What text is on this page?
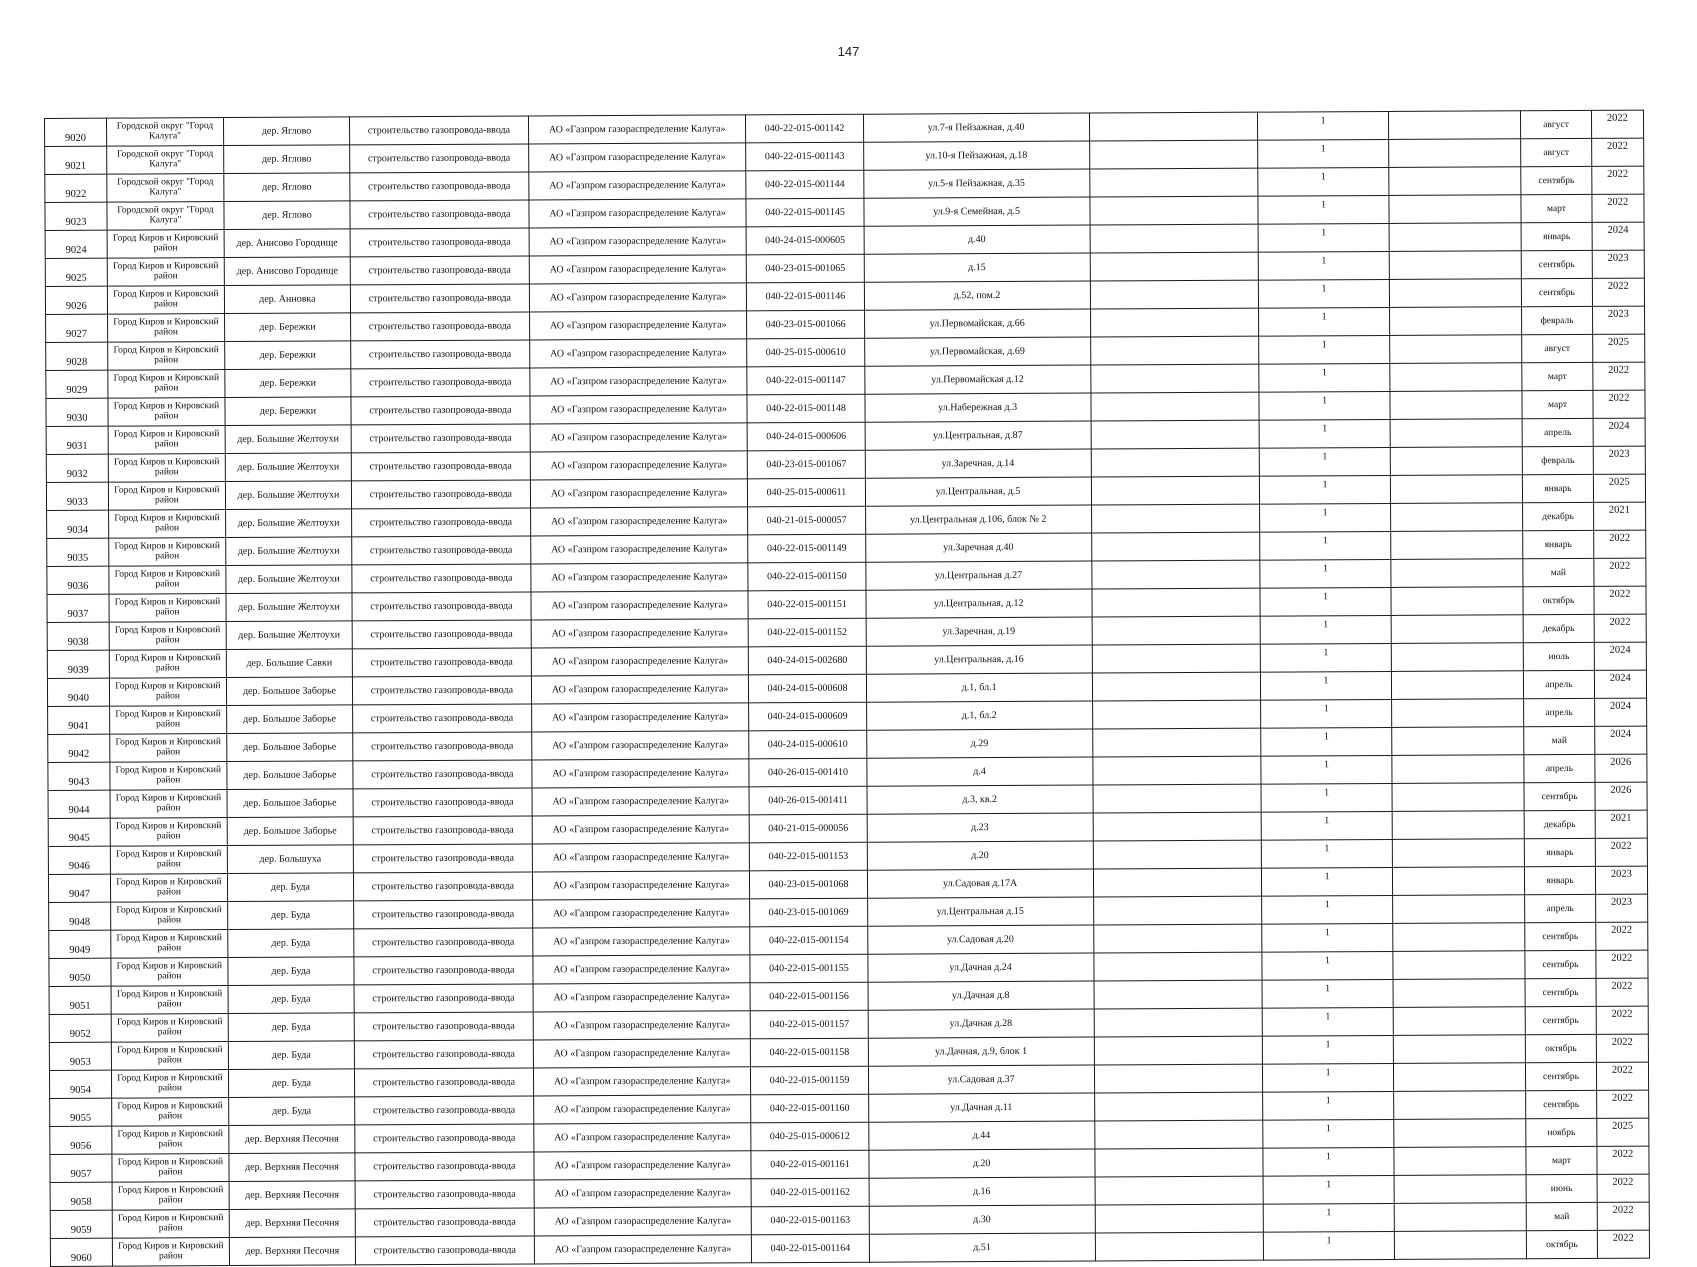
147
9020	Городской округ "Город Калуга"	дер. Яглово	строительство газопровода-ввода	АО «Газпром газораспределение Калуга»	040-22-015-001142	ул.7-я Пейзажная, д.40		1		август	2022
9021	Городской округ "Город Калуга"	дер. Яглово	строительство газопровода-ввода	АО «Газпром газораспределение Калуга»	040-22-015-001143	ул.10-я Пейзажная, д.18		1		август	2022
9022	Городской округ "Город Калуга"	дер. Яглово	строительство газопровода-ввода	АО «Газпром газораспределение Калуга»	040-22-015-001144	ул.5-я Пейзажная, д.35		1		сентябрь	2022
9023	Городской округ "Город Калуга"	дер. Яглово	строительство газопровода-ввода	АО «Газпром газораспределение Калуга»	040-22-015-001145	ул.9-я Семейная, д.5		1		март	2022
9024	Город Киров и Кировский район	дер. Анисово Городище	строительство газопровода-ввода	АО «Газпром газораспределение Калуга»	040-24-015-000605	д.40		1		январь	2024
9025	Город Киров и Кировский район	дер. Анисово Городище	строительство газопровода-ввода	АО «Газпром газораспределение Калуга»	040-23-015-001065	д.15		1		сентябрь	2023
9026	Город Киров и Кировский район	дер. Аннoвка	строительство газопровода-ввода	АО «Газпром газораспределение Калуга»	040-22-015-001146	д.52, пом.2		1		сентябрь	2022
9027	Город Киров и Кировский район	дер. Бережки	строительство газопровода-ввода	АО «Газпром газораспределение Калуга»	040-23-015-001066	ул.Первомайская, д.66		1		февраль	2023
9028	Город Киров и Кировский район	дер. Бережки	строительство газопровода-ввода	АО «Газпром газораспределение Калуга»	040-25-015-000610	ул.Первомайская, д.69		1		август	2025
9029	Город Киров и Кировский район	дер. Бережки	строительство газопровода-ввода	АО «Газпром газораспределение Калуга»	040-22-015-001147	ул.Первомайская д.12		1		март	2022
9030	Город Киров и Кировский район	дер. Бережки	строительство газопровода-ввода	АО «Газпром газораспределение Калуга»	040-22-015-001148	ул.Набережная д.3		1		март	2022
9031	Город Киров и Кировский район	дер. Большие Желтоухи	строительство газопровода-ввода	АО «Газпром газораспределение Калуга»	040-24-015-000606	ул.Центральная, д.87		1		апрель	2024
9032	Город Киров и Кировский район	дер. Большие Желтоухи	строительство газопровода-ввода	АО «Газпром газораспределение Калуга»	040-23-015-001067	ул.Заречная, д.14		1		февраль	2023
9033	Город Киров и Кировский район	дер. Большие Желтоухи	строительство газопровода-ввода	АО «Газпром газораспределение Калуга»	040-25-015-000611	ул.Центральная, д.5		1		январь	2025
9034	Город Киров и Кировский район	дер. Большие Желтоухи	строительство газопровода-ввода	АО «Газпром газораспределение Калуга»	040-21-015-000057	ул.Центральная д.106, блок № 2		1		декабрь	2021
9035	Город Киров и Кировский район	дер. Большие Желтоухи	строительство газопровода-ввода	АО «Газпром газораспределение Калуга»	040-22-015-001149	ул.Заречная д.40		1		январь	2022
9036	Город Киров и Кировский район	дер. Большие Желтоухи	строительство газопровода-ввода	АО «Газпром газораспределение Калуга»	040-22-015-001150	ул.Центральная д.27		1		май	2022
9037	Город Киров и Кировский район	дер. Большие Желтоухи	строительство газопровода-ввода	АО «Газпром газораспределение Калуга»	040-22-015-001151	ул.Центральная, д.12		1		октябрь	2022
9038	Город Киров и Кировский район	дер. Большие Желтоухи	строительство газопровода-ввода	АО «Газпром газораспределение Калуга»	040-22-015-001152	ул.Заречная, д.19		1		декабрь	2022
9039	Город Киров и Кировский район	дер. Большие Савки	строительство газопровода-ввода	АО «Газпром газораспределение Калуга»	040-24-015-002680	ул.Центральная, д.16		1		июль	2024
9040	Город Киров и Кировский район	дер. Большое Заборье	строительство газопровода-ввода	АО «Газпром газораспределение Калуга»	040-24-015-000608	д.1, бл.1		1		апрель	2024
9041	Город Киров и Кировский район	дер. Большое Заборье	строительство газопровода-ввода	АО «Газпром газораспределение Калуга»	040-24-015-000609	д.1, бл.2		1		апрель	2024
9042	Город Киров и Кировский район	дер. Большое Заборье	строительство газопровода-ввода	АО «Газпром газораспределение Калуга»	040-24-015-000610	д.29		1		май	2024
9043	Город Киров и Кировский район	дер. Большое Заборье	строительство газопровода-ввода	АО «Газпром газораспределение Калуга»	040-26-015-001410	д.4		1		апрель	2026
9044	Город Киров и Кировский район	дер. Большое Заборье	строительство газопровода-ввода	АО «Газпром газораспределение Калуга»	040-26-015-001411	д.3, кв.2		1		сентябрь	2026
9045	Город Киров и Кировский район	дер. Большое Заборье	строительство газопровода-ввода	АО «Газпром газораспределение Калуга»	040-21-015-000056	д.23		1		декабрь	2021
9046	Город Киров и Кировский район	дер. Большуха	строительство газопровода-ввода	АО «Газпром газораспределение Калуга»	040-22-015-001153	д.20		1		январь	2022
9047	Город Киров и Кировский район	дер. Буда	строительство газопровода-ввода	АО «Газпром газораспределение Калуга»	040-23-015-001068	ул.Садовая д.17А		1		январь	2023
9048	Город Киров и Кировский район	дер. Буда	строительство газопровода-ввода	АО «Газпром газораспределение Калуга»	040-23-015-001069	ул.Центральная д.15		1		апрель	2023
9049	Город Киров и Кировский район	дер. Буда	строительство газопровода-ввода	АО «Газпром газораспределение Калуга»	040-22-015-001154	ул.Садовая д.20		1		сентябрь	2022
9050	Город Киров и Кировский район	дер. Буда	строительство газопровода-ввода	АО «Газпром газораспределение Калуга»	040-22-015-001155	ул.Дачная д.24		1		сентябрь	2022
9051	Город Киров и Кировский район	дер. Буда	строительство газопровода-ввода	АО «Газпром газораспределение Калуга»	040-22-015-001156	ул.Дачная д.8		1		сентябрь	2022
9052	Город Киров и Кировский район	дер. Буда	строительство газопровода-ввода	АО «Газпром газораспределение Калуга»	040-22-015-001157	ул.Дачная д.28		1		сентябрь	2022
9053	Город Киров и Кировский район	дер. Буда	строительство газопровода-ввода	АО «Газпром газораспределение Калуга»	040-22-015-001158	ул.Дачная, д.9, блок 1		1		октябрь	2022
9054	Город Киров и Кировский район	дер. Буда	строительство газопровода-ввода	АО «Газпром газораспределение Калуга»	040-22-015-001159	ул.Садовая д.37		1		сентябрь	2022
9055	Город Киров и Кировский район	дер. Буда	строительство газопровода-ввода	АО «Газпром газораспределение Калуга»	040-22-015-001160	ул.Дачная д.11		1		сентябрь	2022
9056	Город Киров и Кировский район	дер. Верхняя Песочня	строительство газопровода-ввода	АО «Газпром газораспределение Калуга»	040-25-015-000612	д.44		1		ноябрь	2025
9057	Город Киров и Кировский район	дер. Верхняя Песочня	строительство газопровода-ввода	АО «Газпром газораспределение Калуга»	040-22-015-001161	д.20		1		март	2022
9058	Город Киров и Кировский район	дер. Верхняя Песочня	строительство газопровода-ввода	АО «Газпром газораспределение Калуга»	040-22-015-001162	д.16		1		июнь	2022
9059	Город Киров и Кировский район	дер. Верхняя Песочня	строительство газопровода-ввода	АО «Газпром газораспределение Калуга»	040-22-015-001163	д.30		1		май	2022
9060	Город Киров и Кировский район	дер. Верхняя Песочня	строительство газопровода-ввода	АО «Газпром газораспределение Калуга»	040-22-015-001164	д.51		1		октябрь	2022
